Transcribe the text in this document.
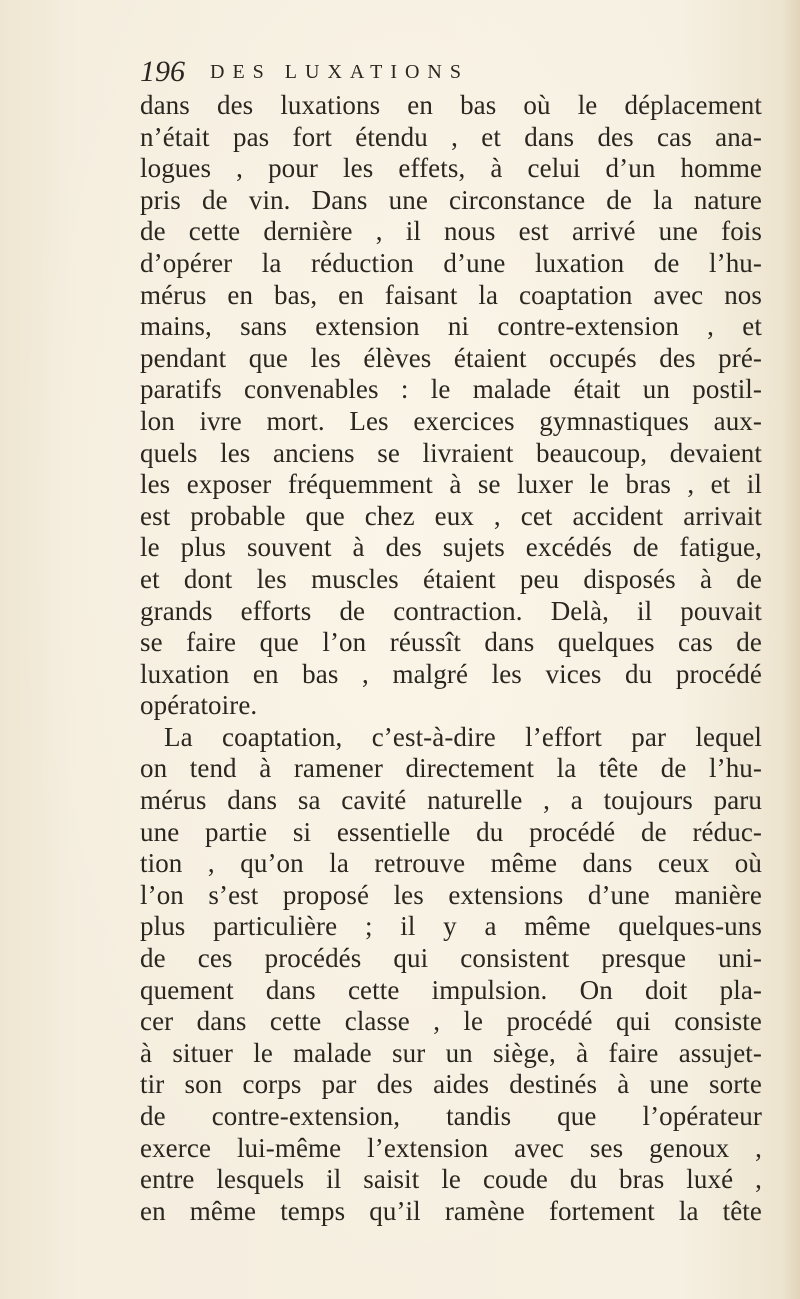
196 DES LUXATIONS
dans des luxations en bas où le déplacement
n’était pas fort étendu , et dans des cas ana-
logues , pour les effets, à celui d’un homme
pris de vin. Dans une circonstance de la nature
de cette dernière , il nous est arrivé une fois
d’opérer la réduction d’une luxation de l’hu-
mérus en bas, en faisant la coaptation avec nos
mains, sans extension ni contre-extension , et
pendant que les élèves étaient occupés des pré-
paratifs convenables : le malade était un postil-
lon ivre mort. Les exercices gymnastiques aux-
quels les anciens se livraient beaucoup, devaient
les exposer fréquemment à se luxer le bras , et il
est probable que chez eux , cet accident arrivait
le plus souvent à des sujets excédés de fatigue,
et dont les muscles étaient peu disposés à de
grands efforts de contraction. Delà, il pouvait
se faire que l’on réussît dans quelques cas de
luxation en bas , malgré les vices du procédé
opératoire.
La coaptation, c’est-à-dire l’effort par lequel
on tend à ramener directement la tête de l’hu-
mérus dans sa cavité naturelle , a toujours paru
une partie si essentielle du procédé de réduc-
tion , qu’on la retrouve même dans ceux où
l’on s’est proposé les extensions d’une manière
plus particulière ; il y a même quelques-uns
de ces procédés qui consistent presque uni-
quement dans cette impulsion. On doit pla-
cer dans cette classe , le procédé qui consiste
à situer le malade sur un siège, à faire assujet-
tir son corps par des aides destinés à une sorte
de contre-extension, tandis que l’opérateur
exerce lui-même l’extension avec ses genoux ,
entre lesquels il saisit le coude du bras luxé ,
en même temps qu’il ramène fortement la tête
